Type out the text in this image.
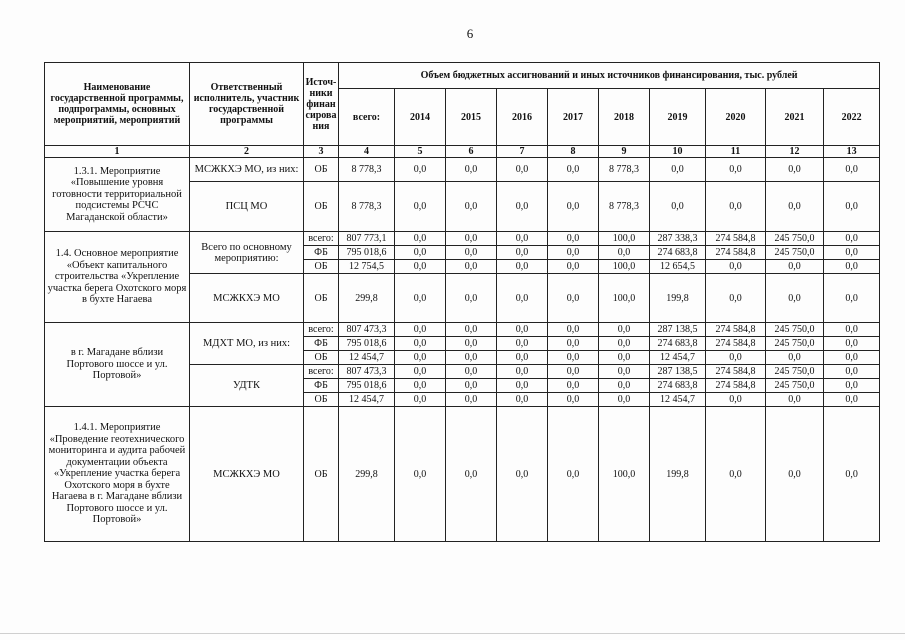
6
Наименование государственной программы, подпрограммы, основных мероприятий, мероприятий	Ответственный исполнитель, участник государственной программы	Источ-ники финан сирова ния	Объем бюджетных ассигнований и иных источников финансирования, тыс. рублей									
			всего:	2014	2015	2016	2017	2018	2019	2020	2021	2022
1	2	3	4	5	6	7	8	9	10	11	12	13
1.3.1. Мероприятие «Повышение уровня готовности территориальной подсистемы РСЧС Магаданской области»	МСЖКХЭ МО, из них:	ОБ	8 778,3	0,0	0,0	0,0	0,0	8 778,3	0,0	0,0	0,0	0,0
	ПСЦ МО	ОБ	8 778,3	0,0	0,0	0,0	0,0	8 778,3	0,0	0,0	0,0	0,0
1.4. Основное мероприятие «Объект капитального строительства «Укрепление участка берега Охотского моря в бухте Нагаева	Всего по основному мероприятию:	всего:	807 773,1	0,0	0,0	0,0	0,0	100,0	287 338,3	274 584,8	245 750,0	0,0
		ФБ	795 018,6	0,0	0,0	0,0	0,0	0,0	274 683,8	274 584,8	245 750,0	0,0
		ОБ	12 754,5	0,0	0,0	0,0	0,0	100,0	12 654,5	0,0	0,0	0,0
	МСЖКХЭ МО	ОБ	299,8	0,0	0,0	0,0	0,0	100,0	199,8	0,0	0,0	0,0
в г. Магадане вблизи Портового шоссе и ул. Портовой»	МДХТ МО, из них:	всего:	807 473,3	0,0	0,0	0,0	0,0	0,0	287 138,5	274 584,8	245 750,0	0,0
		ФБ	795 018,6	0,0	0,0	0,0	0,0	0,0	274 683,8	274 584,8	245 750,0	0,0
		ОБ	12 454,7	0,0	0,0	0,0	0,0	0,0	12 454,7	0,0	0,0	0,0
	УДТК	всего:	807 473,3	0,0	0,0	0,0	0,0	0,0	287 138,5	274 584,8	245 750,0	0,0
		ФБ	795 018,6	0,0	0,0	0,0	0,0	0,0	274 683,8	274 584,8	245 750,0	0,0
		ОБ	12 454,7	0,0	0,0	0,0	0,0	0,0	12 454,7	0,0	0,0	0,0
1.4.1. Мероприятие «Проведение геотехнического мониторинга и аудита рабочей документации объекта «Укрепление участка берега Охотского моря в бухте Нагаева в г. Магадане вблизи Портового шоссе и ул. Портовой»	МСЖКХЭ МО	ОБ	299,8	0,0	0,0	0,0	0,0	100,0	199,8	0,0	0,0	0,0
